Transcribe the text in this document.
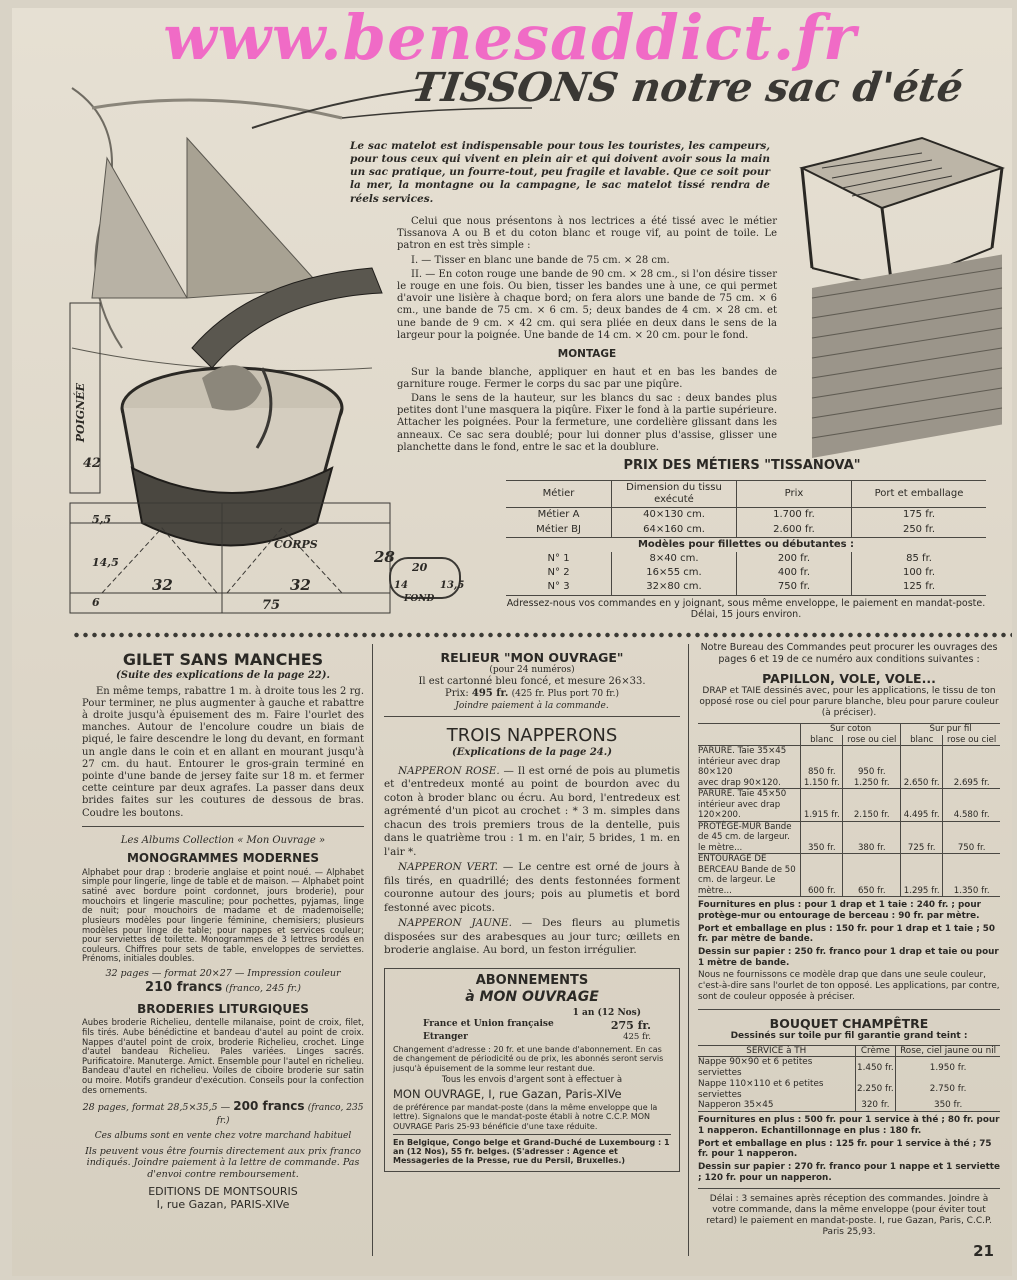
POIGNÉE
42
5,5
14,5
6
32	32
75
28
CORPS
FOND
20
14	13,5
TISSONS notre sac d'été
Le sac matelot est indispensable pour tous les touristes, les campeurs, pour tous ceux qui vivent en plein air et qui doivent avoir sous la main un sac pratique, un fourre-tout, peu fragile et lavable. Que ce soit pour la mer, la montagne ou la campagne, le sac matelot tissé rendra de réels services.

Celui que nous présentons à nos lectrices a été tissé avec le métier Tissanova A ou B et du coton blanc et rouge vif, au point de toile. Le patron en est très simple :

I. — Tisser en blanc une bande de 75 cm. × 28 cm.

II. — En coton rouge une bande de 90 cm. × 28 cm., si l'on désire tisser le rouge en une fois. Ou bien, tisser les bandes une à une, ce qui permet d'avoir une lisière à chaque bord; on fera alors une bande de 75 cm. × 6 cm., une bande de 75 cm. × 6 cm. 5; deux bandes de 4 cm. × 28 cm. et une bande de 9 cm. × 42 cm. qui sera pliée en deux dans le sens de la largeur pour la poignée. Une bande de 14 cm. × 20 cm. pour le fond.

MONTAGE

Sur la bande blanche, appliquer en haut et en bas les bandes de garniture rouge. Fermer le corps du sac par une piqûre.

Dans le sens de la hauteur, sur les blancs du sac : deux bandes plus petites dont l'une masquera la piqûre. Fixer le fond à la partie supérieure. Attacher les poignées. Pour la fermeture, une cordelière glissant dans les anneaux. Ce sac sera doublé; pour lui donner plus d'assise, glisser une planchette dans le fond, entre le sac et la doublure.

PRIX DES MÉTIERS "TISSANOVA"
Métier	Dimension du tissu exécuté	Prix	Port et emballage
Métier A	40×130 cm.	1.700 fr.	175 fr.
Métier BJ	64×160 cm.	2.600 fr.	250 fr.
Modèles pour fillettes ou débutantes :			
N° 1	8×40 cm.	200 fr.	85 fr.
N° 2	16×55 cm.	400 fr.	100 fr.
N° 3	32×80 cm.	750 fr.	125 fr.
Adressez-nous vos commandes en y joignant, sous même enveloppe, le paiement en mandat-poste. Délai, 15 jours environ.
GILET SANS MANCHES
(Suite des explications de la page 22).

En même temps, rabattre 1 m. à droite tous les 2 rg. Pour terminer, ne plus augmenter à gauche et rabattre à droite jusqu'à épuisement des m. Faire l'ourlet des manches. Autour de l'encolure coudre un biais de piqué, le faire descendre le long du devant, en formant un angle dans le coin et en allant en mourant jusqu'à 27 cm. du haut. Entourer le gros-grain terminé en pointe d'une bande de jersey faite sur 18 m. et fermer cette ceinture par deux agrafes. La passer dans deux brides faites sur les coutures de dessous de bras. Coudre les boutons.

Les Albums Collection « Mon Ouvrage »
MONOGRAMMES MODERNES

Alphabet pour drap : broderie anglaise et point noué. — Alphabet simple pour lingerie, linge de table et de maison. — Alphabet point satiné avec bordure point cordonnet, jours broderie), pour mouchoirs et lingerie masculine; pour pochettes, pyjamas, linge de nuit; pour mouchoirs de madame et de mademoiselle; plusieurs modèles pour lingerie féminine, chemisiers; plusieurs modèles pour linge de table; pour nappes et services couleur; pour serviettes de toilette. Monogrammes de 3 lettres brodés en couleurs. Chiffres pour sets de table, enveloppes de serviettes. Prénoms, initiales doubles.

32 pages — format 20×27 — Impression couleur
210 francs (franco, 245 fr.)
BRODERIES LITURGIQUES

Aubes broderie Richelieu, dentelle milanaise, point de croix, filet, fils tirés. Aube bénédictine et bandeau d'autel au point de croix. Nappes d'autel point de croix, broderie Richelieu, crochet. Linge d'autel bandeau Richelieu. Pales variées. Linges sacrés. Purificatoire. Manuterge. Amict. Ensemble pour l'autel en richelieu. Bandeau d'autel en richelieu. Voiles de ciboire broderie sur satin ou moire. Motifs grandeur d'exécution. Conseils pour la confection des ornements.

28 pages, format 28,5×35,5 — 200 francs (franco, 235 fr.)
Ces albums sont en vente chez votre marchand habituel

Ils peuvent vous être fournis directement aux prix franco indiqués. Joindre paiement à la lettre de commande. Pas d'envoi contre remboursement.

EDITIONS DE MONTSOURIS
I, rue Gazan, PARIS-XIVe
RELIEUR "MON OUVRAGE"
(pour 24 numéros)
Il est cartonné bleu foncé, et mesure 26×33.
Prix: 495 fr. (425 fr. Plus port 70 fr.)
Joindre paiement à la commande.
TROIS NAPPERONS
(Explications de la page 24.)

NAPPERON ROSE. — Il est orné de pois au plumetis et d'entredeux monté au point de bourdon avec du coton à broder blanc ou écru. Au bord, l'entredeux est agrémenté d'un picot au crochet : * 3 m. simples dans chacun des trois premiers trous de la dentelle, puis dans le quatrième trou : 1 m. en l'air, 5 brides, 1 m. en l'air *.

NAPPERON VERT. — Le centre est orné de jours à fils tirés, en quadrillé; des dents festonnées forment couronne autour des jours; pois au plumetis et bord festonné avec picots.

NAPPERON JAUNE. — Des fleurs au plumetis disposées sur des arabesques au jour turc; œillets en broderie anglaise. Au bord, un feston irrégulier.

ABONNEMENTS
à MON OUVRAGE
1 an (12 Nos)
France et Union française	275 fr.
Etranger	425 fr.

Changement d'adresse : 20 fr. et une bande d'abonnement. En cas de changement de périodicité ou de prix, les abonnés seront servis jusqu'à épuisement de la somme leur restant due.

Tous les envois d'argent sont à effectuer à

MON OUVRAGE, I, rue Gazan, Paris-XIVe

de préférence par mandat-poste (dans la même enveloppe que la lettre). Signalons que le mandat-poste établi à notre C.C.P. MON OUVRAGE Paris 25-93 bénéficie d'une taxe réduite.

En Belgique, Congo belge et Grand-Duché de Luxembourg : 1 an (12 Nos), 55 fr. belges. (S'adresser : Agence et Messageries de la Presse, rue du Persil, Bruxelles.)

Notre Bureau des Commandes peut procurer les ouvrages des pages 6 et 19 de ce numéro aux conditions suivantes :

PAPILLON, VOLE, VOLE...

DRAP et TAIE dessinés avec, pour les applications, le tissu de ton opposé rose ou ciel pour parure blanche, bleu pour parure couleur (à préciser).

	Sur coton		Sur pur fil	
	blanc	rose ou ciel	blanc	rose ou ciel
PARURE. Taie 35×45 intérieur avec drap 80×120	850 fr.	950 fr.		
avec drap 90×120.	1.150 fr.	1.250 fr.	2.650 fr.	2.695 fr.
PARURE. Taie 45×50 intérieur avec drap 120×200.	1.915 fr.	2.150 fr.	4.495 fr.	4.580 fr.
PROTÈGE-MUR Bande de 45 cm. de largeur. le mètre...	350 fr.	380 fr.	725 fr.	750 fr.
ENTOURAGE DE BERCEAU Bande de 50 cm. de largeur. Le mètre...	600 fr.	650 fr.	1.295 fr.	1.350 fr.

Fournitures en plus : pour 1 drap et 1 taie : 240 fr. ; pour protège-mur ou entourage de berceau : 90 fr. par mètre.

Port et emballage en plus : 150 fr. pour 1 drap et 1 taie ; 50 fr. par mètre de bande.

Dessin sur papier : 250 fr. franco pour 1 drap et taie ou pour 1 mètre de bande.

Nous ne fournissons ce modèle drap que dans une seule couleur, c'est-à-dire sans l'ourlet de ton opposé. Les applications, par contre, sont de couleur opposée à préciser.

BOUQUET CHAMPÊTRE
Dessinés sur toile pur fil garantie grand teint :
SERVICE à TH	Crème	Rose, ciel jaune ou nil
Nappe 90×90 et 6 petites serviettes	1.450 fr.	1.950 fr.
Nappe 110×110 et 6 petites serviettes	2.250 fr.	2.750 fr.
Napperon 35×45	320 fr.	350 fr.

Fournitures en plus : 500 fr. pour 1 service à thé ; 80 fr. pour 1 napperon. Echantillonnage en plus : 180 fr.

Port et emballage en plus : 125 fr. pour 1 service à thé ; 75 fr. pour 1 napperon.

Dessin sur papier : 270 fr. franco pour 1 nappe et 1 serviette ; 120 fr. pour un napperon.

Délai : 3 semaines après réception des commandes. Joindre à votre commande, dans la même enveloppe (pour éviter tout retard) le paiement en mandat-poste. I, rue Gazan, Paris, C.C.P. Paris 25,93.

21
www.benesaddict.fr
